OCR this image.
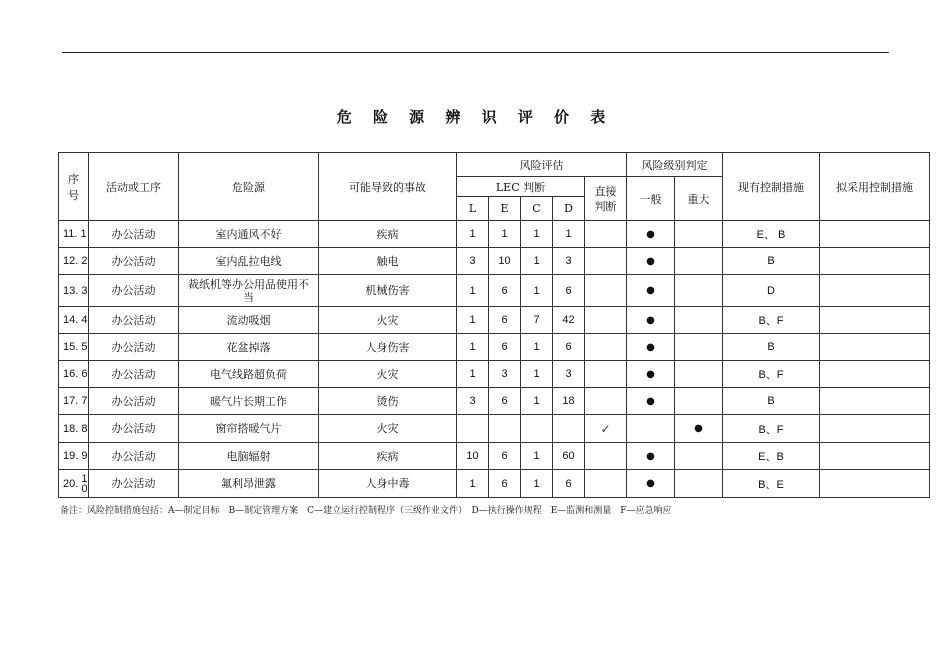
危 险 源 辨 识 评 价 表
序号	活动或工序	危险源	可能导致的事故	风险评估					风险级别判定		现有控制措施	拟采用控制措施
				LEC 判断				直接判断	一般	重大		
				L	E	C	D					
11. 1	办公活动	室内通风不好	疾病	1	1	1	1		●		E、 B	
12. 2	办公活动	室内乱拉电线	触电	3	10	1	3		●		B	
13. 3	办公活动	裁纸机等办公用品使用不当	机械伤害	1	6	1	6		●		D	
14. 4	办公活动	流动吸烟	火灾	1	6	7	42		●		B、F	
15. 5	办公活动	花盆掉落	人身伤害	1	6	1	6		●		B	
16. 6	办公活动	电气线路超负荷	火灾	1	3	1	3		●		B、F	
17. 7	办公活动	暖气片长期工作	烫伤	3	6	1	18		●		B	
18. 8	办公活动	窗帘搭暖气片	火灾					✓		●	B、F	
19. 9	办公活动	电脑辐射	疾病	10	6	1	60		●		E、B	
20. 10	办公活动	氟利昂泄露	人身中毒	1	6	1	6		●		B、E	
备注：风险控制措施包括：A—制定目标　B—制定管理方案　C—建立运行控制程序（三级作业文件）　D—执行操作规程　E—监测和测量　F—应急响应
